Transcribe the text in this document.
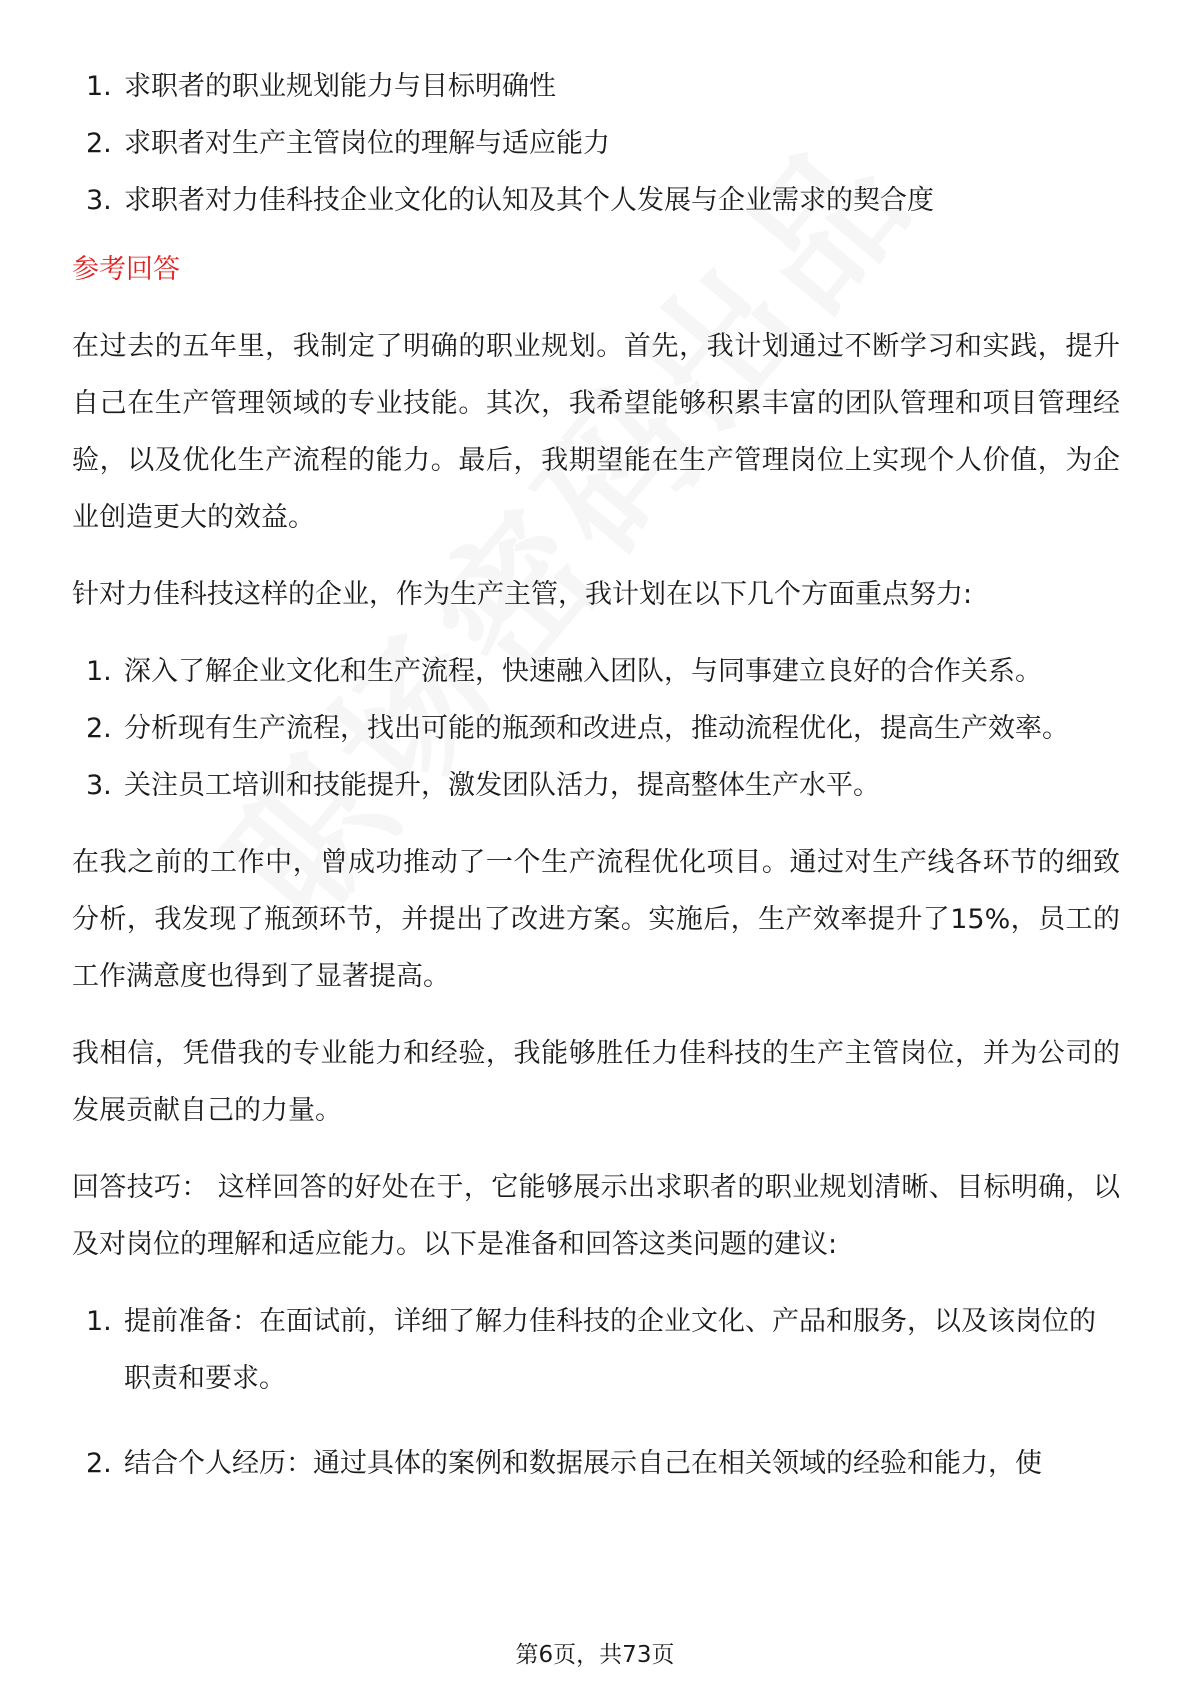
1. 求职者的职业规划能力与目标明确性
2. 求职者对生产主管岗位的理解与适应能力
3. 求职者对力佳科技企业文化的认知及其个人发展与企业需求的契合度
参考回答

在过去的五年里，我制定了明确的职业规划。首先，我计划通过不断学习和实践，提升自己在生产管理领域的专业技能。其次，我希望能够积累丰富的团队管理和项目管理经验，以及优化生产流程的能力。最后，我期望能在生产管理岗位上实现个人价值，为企业创造更大的效益。

针对力佳科技这样的企业，作为生产主管，我计划在以下几个方面重点努力:

1. 深入了解企业文化和生产流程，快速融入团队，与同事建立良好的合作关系。
2. 分析现有生产流程，找出可能的瓶颈和改进点，推动流程优化，提高生产效率。
3. 关注员工培训和技能提升，激发团队活力，提高整体生产水平。

在我之前的工作中，曾成功推动了一个生产流程优化项目。通过对生产线各环节的细致分析，我发现了瓶颈环节，并提出了改进方案。实施后，生产效率提升了15%，员工的工作满意度也得到了显著提高。

我相信，凭借我的专业能力和经验，我能够胜任力佳科技的生产主管岗位，并为公司的发展贡献自己的力量。

回答技巧： 这样回答的好处在于，它能够展示出求职者的职业规划清晰、目标明确，以及对岗位的理解和适应能力。以下是准备和回答这类问题的建议:

1. 提前准备：在面试前，详细了解力佳科技的企业文化、产品和服务，以及该岗位的职责和要求。
2. 结合个人经历：通过具体的案例和数据展示自己在相关领域的经验和能力，使
第6页，共73页
